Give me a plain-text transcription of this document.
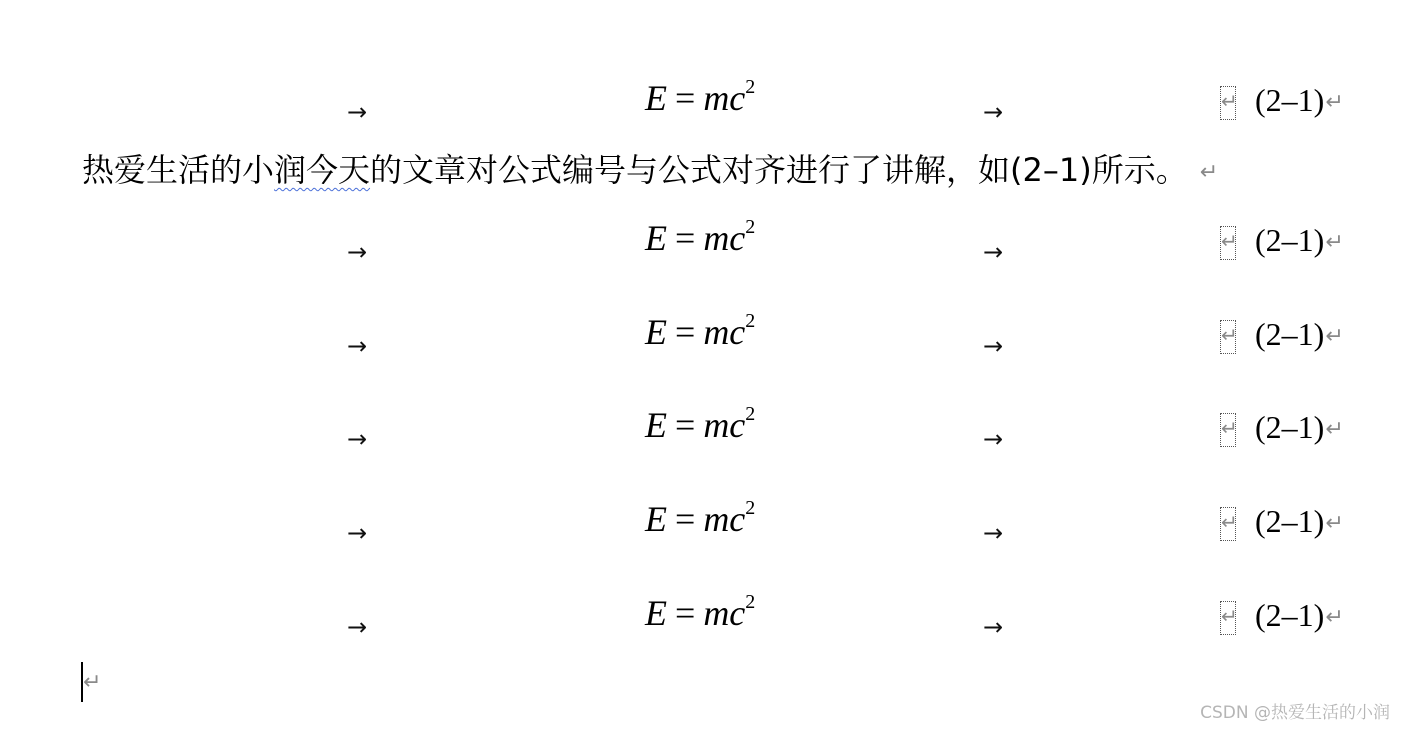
→	$E = mc^2$
→	↵ (2–1)↵
热爱生活的小润今天的文章对公式编号与公式对齐进行了讲解，如(2–1)所示。 ↵
→	$E = mc^2$
→	↵ (2–1)↵
→	$E = mc^2$
→	↵ (2–1)↵
→	$E = mc^2$
→	↵ (2–1)↵
→	$E = mc^2$
→	↵ (2–1)↵
→	$E = mc^2$
→	↵ (2–1)↵
↵
CSDN @热爱生活的小润
